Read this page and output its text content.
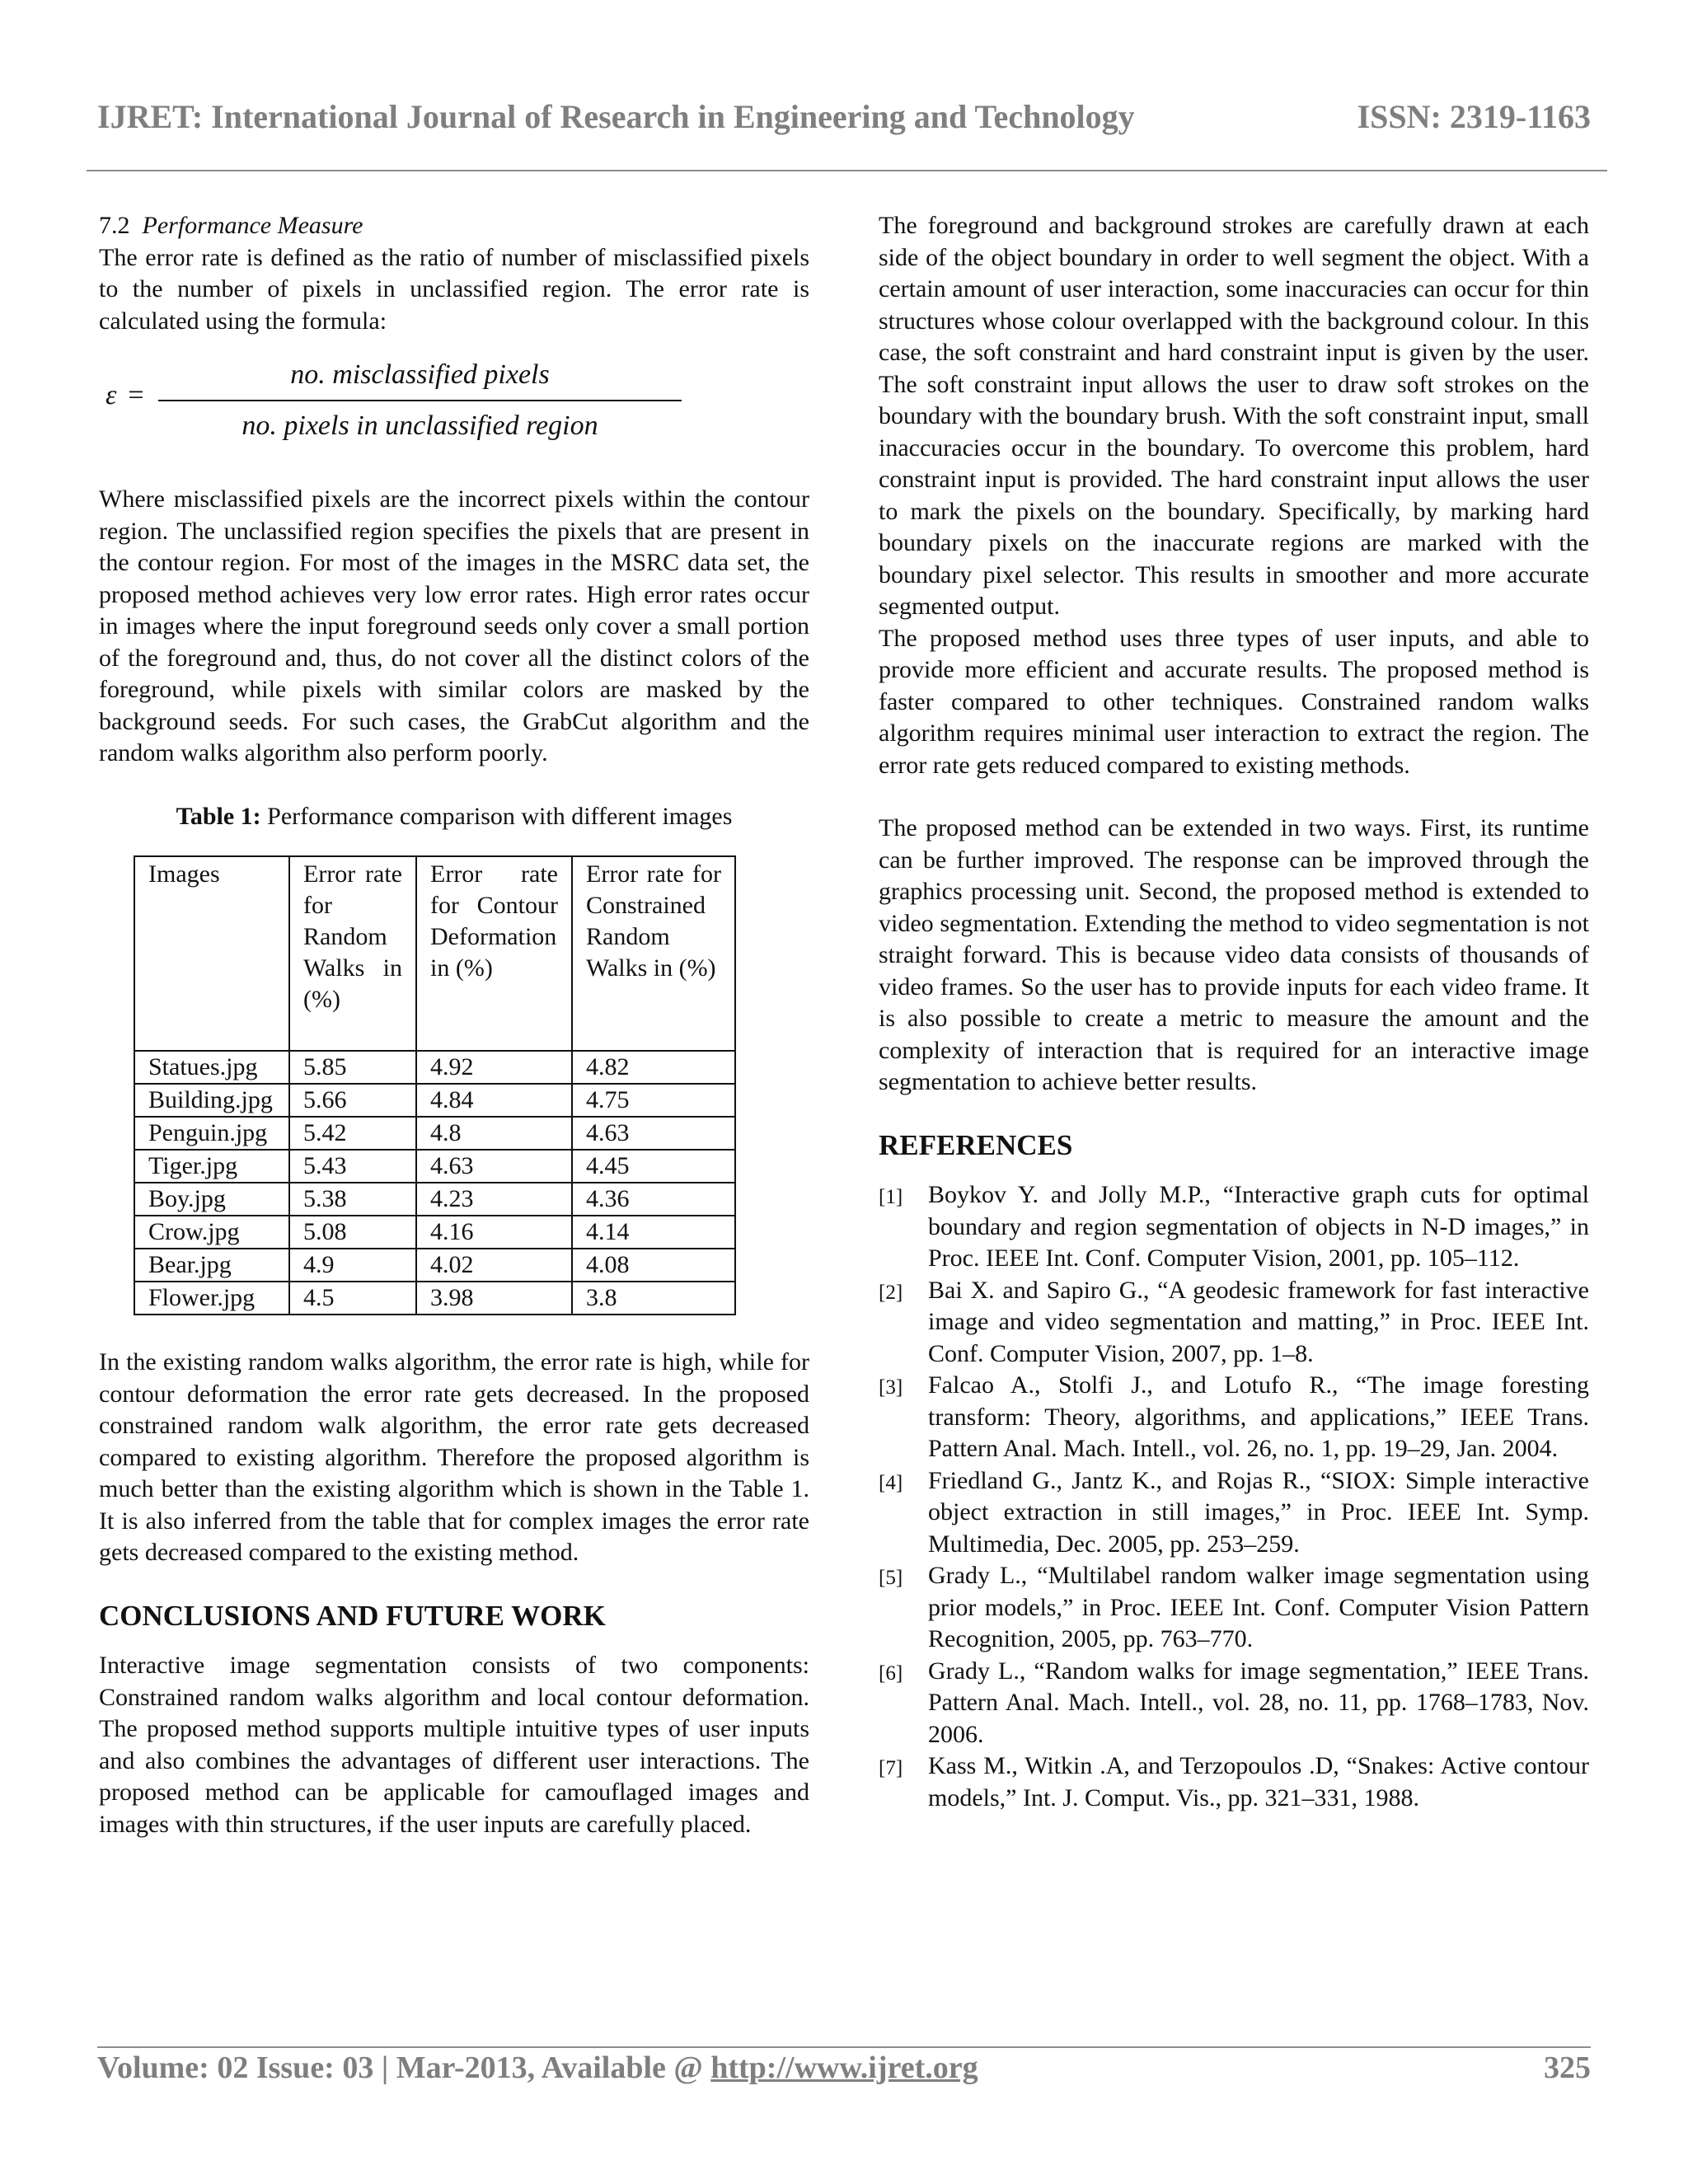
IJRET: International Journal of Research in Engineering and Technology	ISSN: 2319-1163
7.2 Performance Measure

The error rate is defined as the ratio of number of misclassified pixels to the number of pixels in unclassified region. The error rate is calculated using the formula:

ε =
no. misclassified pixels
no. pixels in unclassified region

Where misclassified pixels are the incorrect pixels within the contour region. The unclassified region specifies the pixels that are present in the contour region. For most of the images in the MSRC data set, the proposed method achieves very low error rates. High error rates occur in images where the input foreground seeds only cover a small portion of the foreground and, thus, do not cover all the distinct colors of the foreground, while pixels with similar colors are masked by the background seeds. For such cases, the GrabCut algorithm and the random walks algorithm also perform poorly.

Table 1: Performance comparison with different images
Images	Error rate for Random Walks in (%)	Error rate for Contour Deformation in (%)	Error rate for Constrained Random Walks in (%)
Statues.jpg	5.85	4.92	4.82
Building.jpg	5.66	4.84	4.75
Penguin.jpg	5.42	4.8	4.63
Tiger.jpg	5.43	4.63	4.45
Boy.jpg	5.38	4.23	4.36
Crow.jpg	5.08	4.16	4.14
Bear.jpg	4.9	4.02	4.08
Flower.jpg	4.5	3.98	3.8

In the existing random walks algorithm, the error rate is high, while for contour deformation the error rate gets decreased. In the proposed constrained random walk algorithm, the error rate gets decreased compared to existing algorithm. Therefore the proposed algorithm is much better than the existing algorithm which is shown in the Table 1. It is also inferred from the table that for complex images the error rate gets decreased compared to the existing method.

CONCLUSIONS AND FUTURE WORK

Interactive image segmentation consists of two components: Constrained random walks algorithm and local contour deformation. The proposed method supports multiple intuitive types of user inputs and also combines the advantages of different user interactions. The proposed method can be applicable for camouflaged images and images with thin structures, if the user inputs are carefully placed.

The foreground and background strokes are carefully drawn at each side of the object boundary in order to well segment the object. With a certain amount of user interaction, some inaccuracies can occur for thin structures whose colour overlapped with the background colour. In this case, the soft constraint and hard constraint input is given by the user. The soft constraint input allows the user to draw soft strokes on the boundary with the boundary brush. With the soft constraint input, small inaccuracies occur in the boundary. To overcome this problem, hard constraint input is provided. The hard constraint input allows the user to mark the pixels on the boundary. Specifically, by marking hard boundary pixels on the inaccurate regions are marked with the boundary pixel selector. This results in smoother and more accurate segmented output.

The proposed method uses three types of user inputs, and able to provide more efficient and accurate results. The proposed method is faster compared to other techniques. Constrained random walks algorithm requires minimal user interaction to extract the region. The error rate gets reduced compared to existing methods.

The proposed method can be extended in two ways. First, its runtime can be further improved. The response can be improved through the graphics processing unit. Second, the proposed method is extended to video segmentation. Extending the method to video segmentation is not straight forward. This is because video data consists of thousands of video frames. So the user has to provide inputs for each video frame. It is also possible to create a metric to measure the amount and the complexity of interaction that is required for an interactive image segmentation to achieve better results.

REFERENCES
[1] Boykov Y. and Jolly M.P., “Interactive graph cuts for optimal boundary and region segmentation of objects in N-D images,” in Proc. IEEE Int. Conf. Computer Vision, 2001, pp. 105–112.
[2] Bai X. and Sapiro G., “A geodesic framework for fast interactive image and video segmentation and matting,” in Proc. IEEE Int. Conf. Computer Vision, 2007, pp. 1–8.
[3] Falcao A., Stolfi J., and Lotufo R., “The image foresting transform: Theory, algorithms, and applications,” IEEE Trans. Pattern Anal. Mach. Intell., vol. 26, no. 1, pp. 19–29, Jan. 2004.
[4] Friedland G., Jantz K., and Rojas R., “SIOX: Simple interactive object extraction in still images,” in Proc. IEEE Int. Symp. Multimedia, Dec. 2005, pp. 253–259.
[5] Grady L., “Multilabel random walker image segmentation using prior models,” in Proc. IEEE Int. Conf. Computer Vision Pattern Recognition, 2005, pp. 763–770.
[6] Grady L., “Random walks for image segmentation,” IEEE Trans. Pattern Anal. Mach. Intell., vol. 28, no. 11, pp. 1768–1783, Nov. 2006.
[7] Kass M., Witkin .A, and Terzopoulos .D, “Snakes: Active contour models,” Int. J. Comput. Vis., pp. 321–331, 1988.
Volume: 02 Issue: 03 | Mar-2013, Available @ http://www.ijret.org	325
